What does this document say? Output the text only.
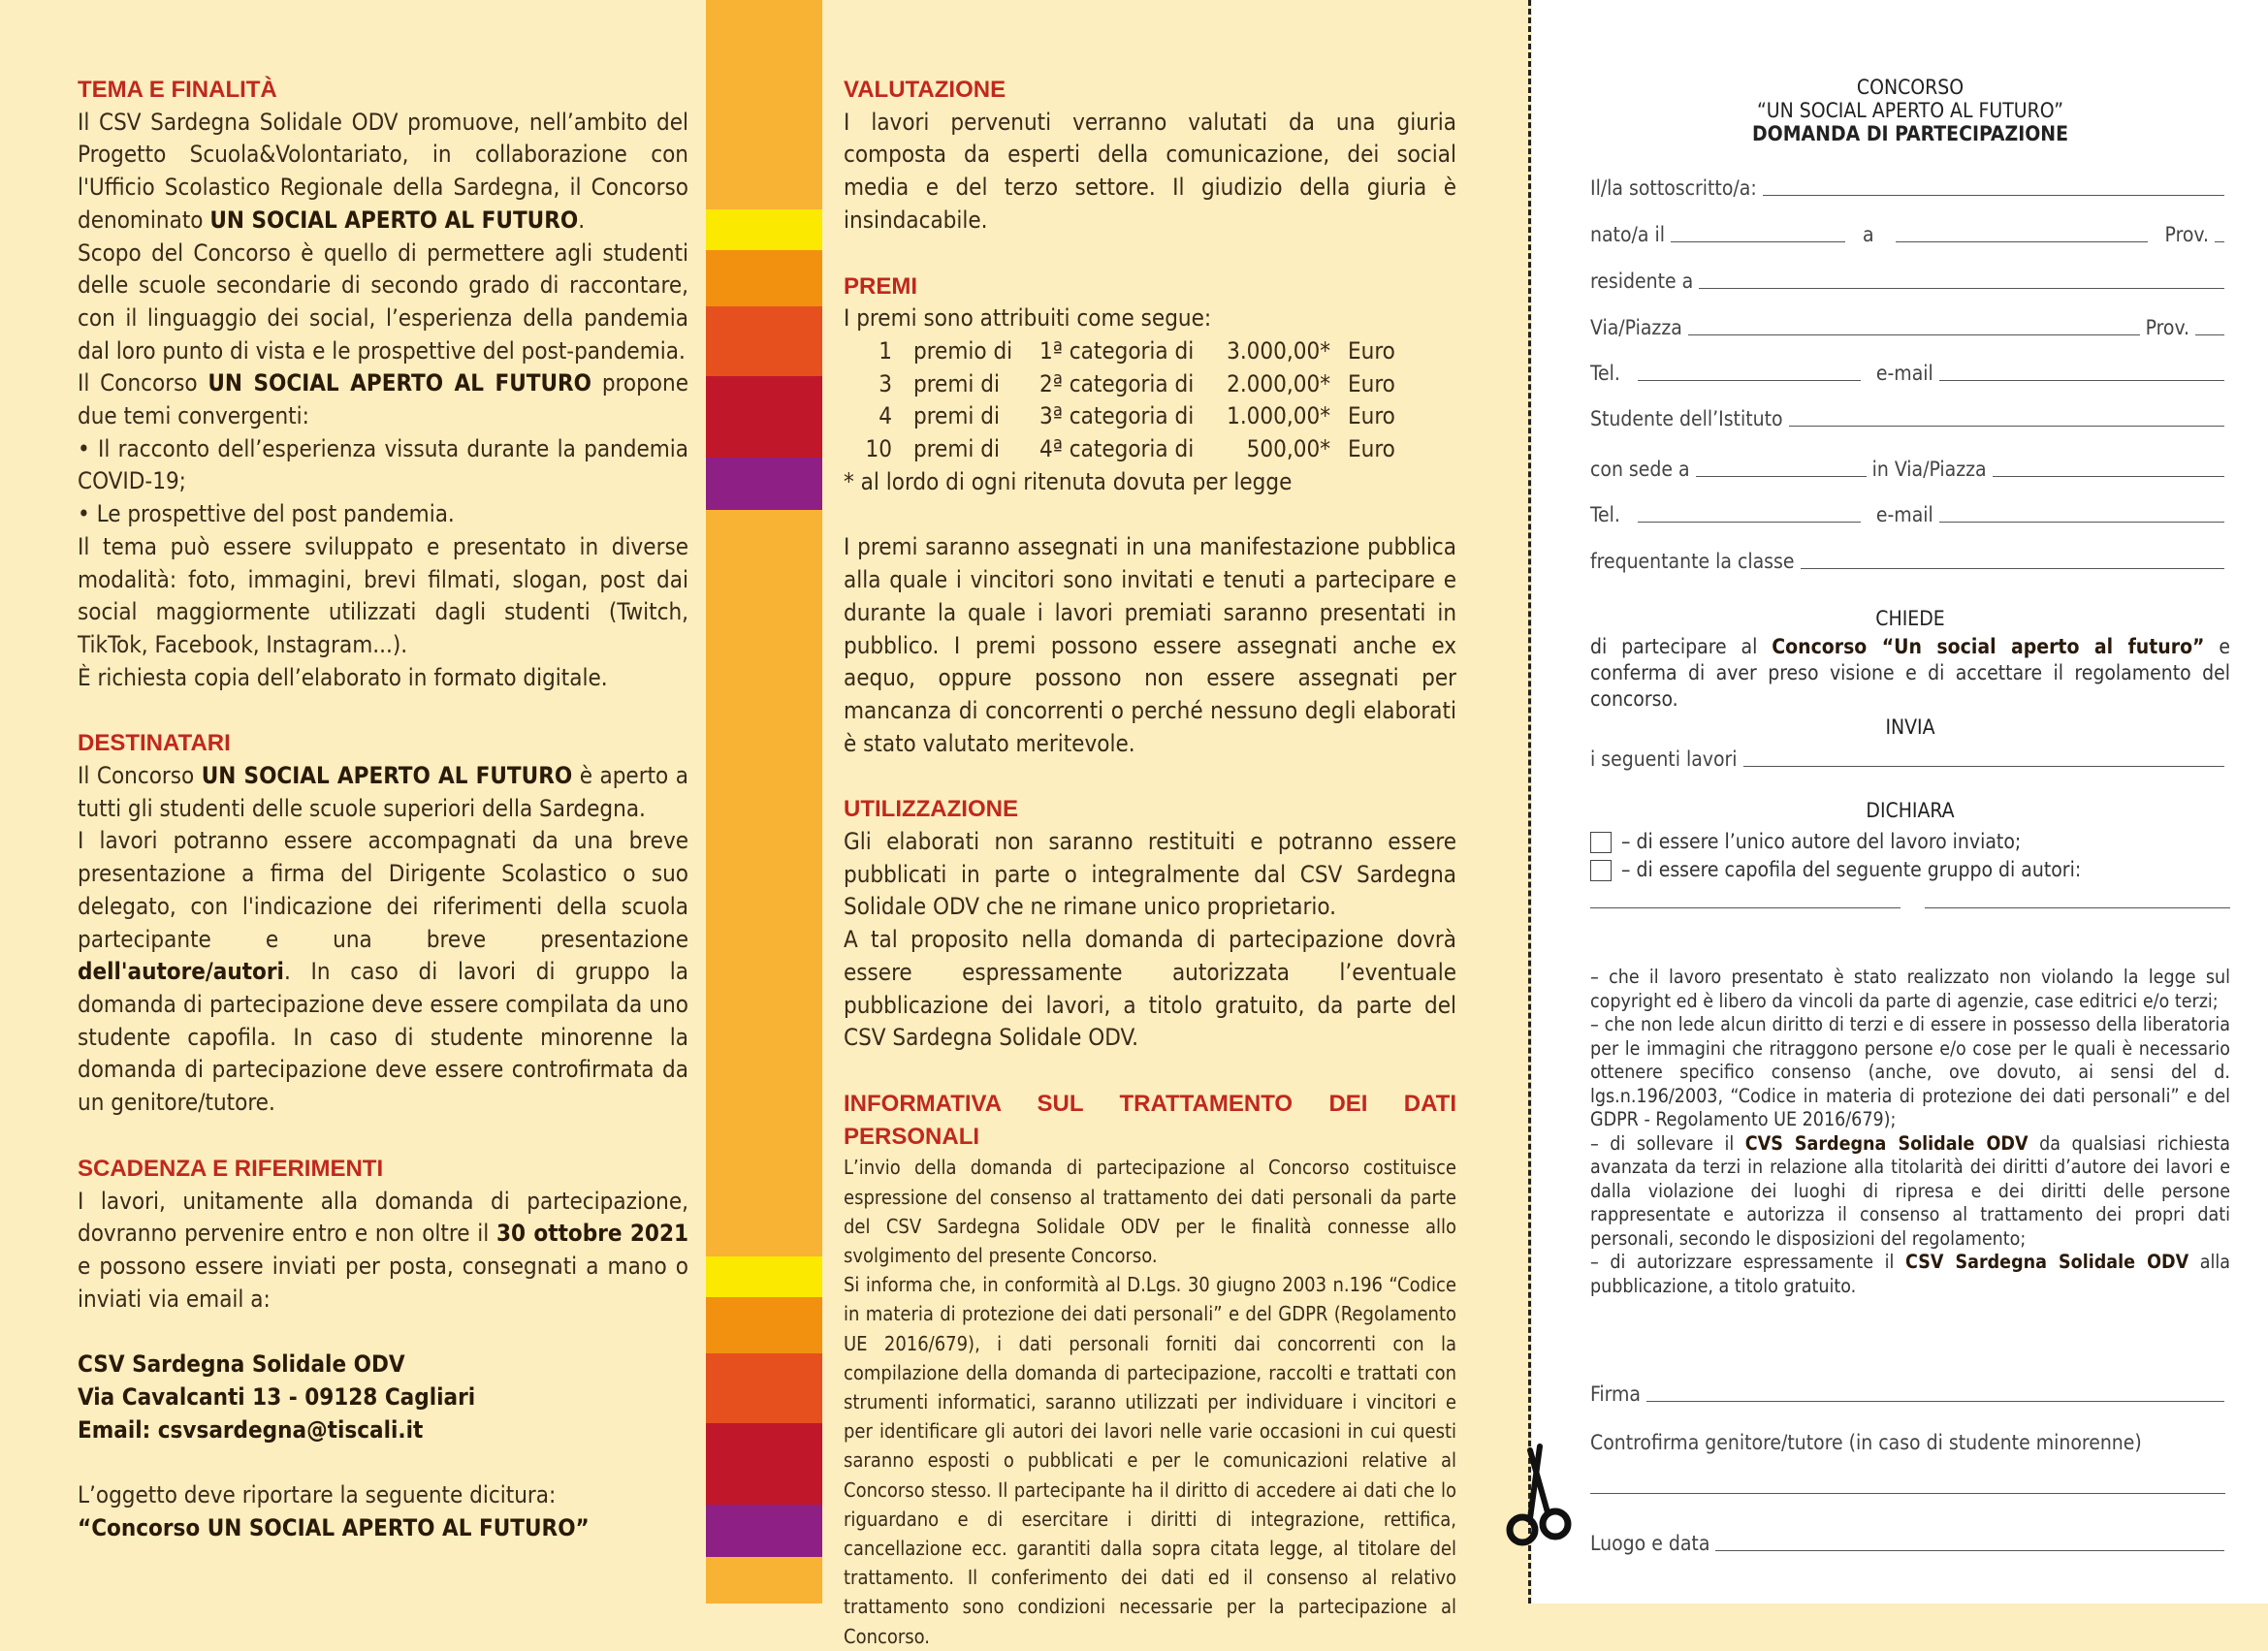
TEMA E FINALITÀ

Il CSV Sardegna Solidale ODV promuove, nell’ambito del Progetto Scuola&Volontariato, in collaborazione con l'Ufficio Scolastico Regionale della Sardegna, il Concorso denominato UN SOCIAL APERTO AL FUTURO.

Scopo del Concorso è quello di permettere agli studenti delle scuole secondarie di secondo grado di raccontare, con il linguaggio dei social, l’esperienza della pandemia dal loro punto di vista e le prospettive del post-pandemia.

Il Concorso UN SOCIAL APERTO AL FUTURO propone due temi convergenti:

• Il racconto dell’esperienza vissuta durante la pandemia COVID-19;

• Le prospettive del post pandemia.

Il tema può essere sviluppato e presentato in diverse modalità: foto, immagini, brevi filmati, slogan, post dai social maggiormente utilizzati dagli studenti (Twitch, TikTok, Facebook, Instagram...).

È richiesta copia dell’elaborato in formato digitale.

DESTINATARI

Il Concorso UN SOCIAL APERTO AL FUTURO è aperto a tutti gli studenti delle scuole superiori della Sardegna.

I lavori potranno essere accompagnati da una breve presentazione a firma del Dirigente Scolastico o suo delegato, con l'indicazione dei riferimenti della scuola partecipante e una breve presentazione dell'autore/autori. In caso di lavori di gruppo la domanda di partecipazione deve essere compilata da uno studente capofila. In caso di studente minorenne la domanda di partecipazione deve essere controfirmata da un genitore/tutore.

SCADENZA E RIFERIMENTI

I lavori, unitamente alla domanda di partecipazione, dovranno pervenire entro e non oltre il 30 ottobre 2021 e possono essere inviati per posta, consegnati a mano o inviati via email a:

CSV Sardegna Solidale ODV

Via Cavalcanti 13 - 09128 Cagliari

Email: csvsardegna@tiscali.it

L’oggetto deve riportare la seguente dicitura:

“Concorso UN SOCIAL APERTO AL FUTURO”

VALUTAZIONE

I lavori pervenuti verranno valutati da una giuria composta da esperti della comunicazione, dei social media e del terzo settore. Il giudizio della giuria è insindacabile.

PREMI

I premi sono attribuiti come segue:

1	premio di	1ª categoria di	3.000,00*	Euro
3	premi di	2ª categoria di	2.000,00*	Euro
4	premi di	3ª categoria di	1.000,00*	Euro
10	premi di	4ª categoria di	500,00*	Euro

* al lordo di ogni ritenuta dovuta per legge

I premi saranno assegnati in una manifestazione pubblica alla quale i vincitori sono invitati e tenuti a partecipare e durante la quale i lavori premiati saranno presentati in pubblico. I premi possono essere assegnati anche ex aequo, oppure possono non essere assegnati per mancanza di concorrenti o perché nessuno degli elaborati è stato valutato meritevole.

UTILIZZAZIONE

Gli elaborati non saranno restituiti e potranno essere pubblicati in parte o integralmente dal CSV Sardegna Solidale ODV che ne rimane unico proprietario.

A tal proposito nella domanda di partecipazione dovrà essere espressamente autorizzata l’eventuale pubblicazione dei lavori, a titolo gratuito, da parte del CSV Sardegna Solidale ODV.

INFORMATIVA SUL TRATTAMENTO DEI DATI PERSONALI

L’invio della domanda di partecipazione al Concorso costituisce espressione del consenso al trattamento dei dati personali da parte del CSV Sardegna Solidale ODV per le finalità connesse allo svolgimento del presente Concorso.

Si informa che, in conformità al D.Lgs. 30 giugno 2003 n.196 “Codice in materia di protezione dei dati personali” e del GDPR (Regolamento UE 2016/679), i dati personali forniti dai concorrenti con la compilazione della domanda di partecipazione, raccolti e trattati con strumenti informatici, saranno utilizzati per individuare i vincitori e per identificare gli autori dei lavori nelle varie occasioni in cui questi saranno esposti o pubblicati e per le comunicazioni relative al Concorso stesso. Il partecipante ha il diritto di accedere ai dati che lo riguardano e di esercitare i diritti di integrazione, rettifica, cancellazione ecc. garantiti dalla sopra citata legge, al titolare del trattamento. Il conferimento dei dati ed il consenso al relativo trattamento sono condizioni necessarie per la partecipazione al Concorso.

CONCORSO
“UN SOCIAL APERTO AL FUTURO”
DOMANDA DI PARTECIPAZIONE
Il/la sottoscritto/a:
nato/a il	a	Prov.
residente a
Via/Piazza	Prov.
Tel.	e-mail
Studente dell’Istituto
con sede a	in Via/Piazza
Tel.	e-mail
frequentante la classe
CHIEDE
di partecipare al Concorso “Un social aperto al futuro” e conferma di aver preso visione e di accettare il regolamento del concorso.
INVIA
i seguenti lavori
DICHIARA
– di essere l’unico autore del lavoro inviato;
– di essere capofila del seguente gruppo di autori:

– che il lavoro presentato è stato realizzato non violando la legge sul copyright ed è libero da vincoli da parte di agenzie, case editrici e/o terzi;

– che non lede alcun diritto di terzi e di essere in possesso della liberatoria per le immagini che ritraggono persone e/o cose per le quali è necessario ottenere specifico consenso (anche, ove dovuto, ai sensi del d. lgs.n.196/2003, “Codice in materia di protezione dei dati personali” e del GDPR - Regolamento UE 2016/679);

– di sollevare il CVS Sardegna Solidale ODV da qualsiasi richiesta avanzata da terzi in relazione alla titolarità dei diritti d’autore dei lavori e dalla violazione dei luoghi di ripresa e dei diritti delle persone rappresentate e autorizza il consenso al trattamento dei propri dati personali, secondo le disposizioni del regolamento;

– di autorizzare espressamente il CSV Sardegna Solidale ODV alla pubblicazione, a titolo gratuito.

Firma
Controfirma genitore/tutore (in caso di studente minorenne)
Luogo e data
